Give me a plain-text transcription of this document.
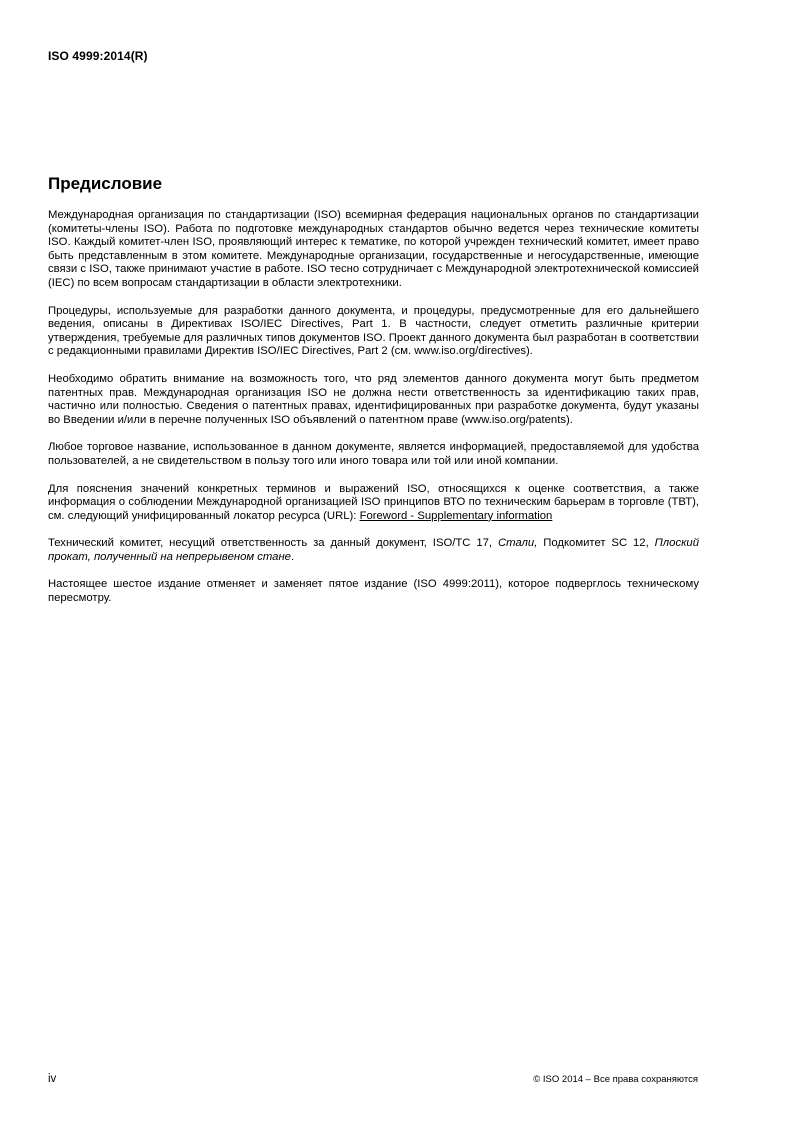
ISO 4999:2014(R)
Предисловие

Международная организация по стандартизации (ISO) всемирная федерация национальных органов по стандартизации (комитеты-члены ISO). Работа по подготовке международных стандартов обычно ведется через технические комитеты ISO. Каждый комитет-член ISO, проявляющий интерес к тематике, по которой учрежден технический комитет, имеет право быть представленным в этом комитете. Международные организации, государственные и негосударственные, имеющие связи с ISO, также принимают участие в работе. ISO тесно сотрудничает с Международной электротехнической комиссией (IEC) по всем вопросам стандартизации в области электротехники.

Процедуры, используемые для разработки данного документа, и процедуры, предусмотренные для его дальнейшего ведения, описаны в Директивах ISO/IEC Directives, Part 1. В частности, следует отметить различные критерии утверждения, требуемые для различных типов документов ISO. Проект данного документа был разработан в соответствии с редакционными правилами Директив ISO/IEC Directives, Part 2 (см. www.iso.org/directives).

Необходимо обратить внимание на возможность того, что ряд элементов данного документа могут быть предметом патентных прав. Международная организация ISO не должна нести ответственность за идентификацию таких прав, частично или полностью. Сведения о патентных правах, идентифицированных при разработке документа, будут указаны во Введении и/или в перечне полученных ISO объявлений о патентном праве (www.iso.org/patents).

Любое торговое название, использованное в данном документе, является информацией, предоставляемой для удобства пользователей, а не свидетельством в пользу того или иного товара или той или иной компании.

Для пояснения значений конкретных терминов и выражений ISO, относящихся к оценке соответствия, а также информация о соблюдении Международной организацией ISO принципов ВТО по техническим барьерам в торговле (ТВТ), см. следующий унифицированный локатор ресурса (URL): Foreword - Supplementary information

Технический комитет, несущий ответственность за данный документ, ISO/TC 17, Стали, Подкомитет SC 12, Плоский прокат, полученный на непрерывеном стане.

Настоящее шестое издание отменяет и заменяет пятое издание (ISO 4999:2011), которое подверглось техническому пересмотру.

iv	© ISO 2014 – Все права сохраняются
